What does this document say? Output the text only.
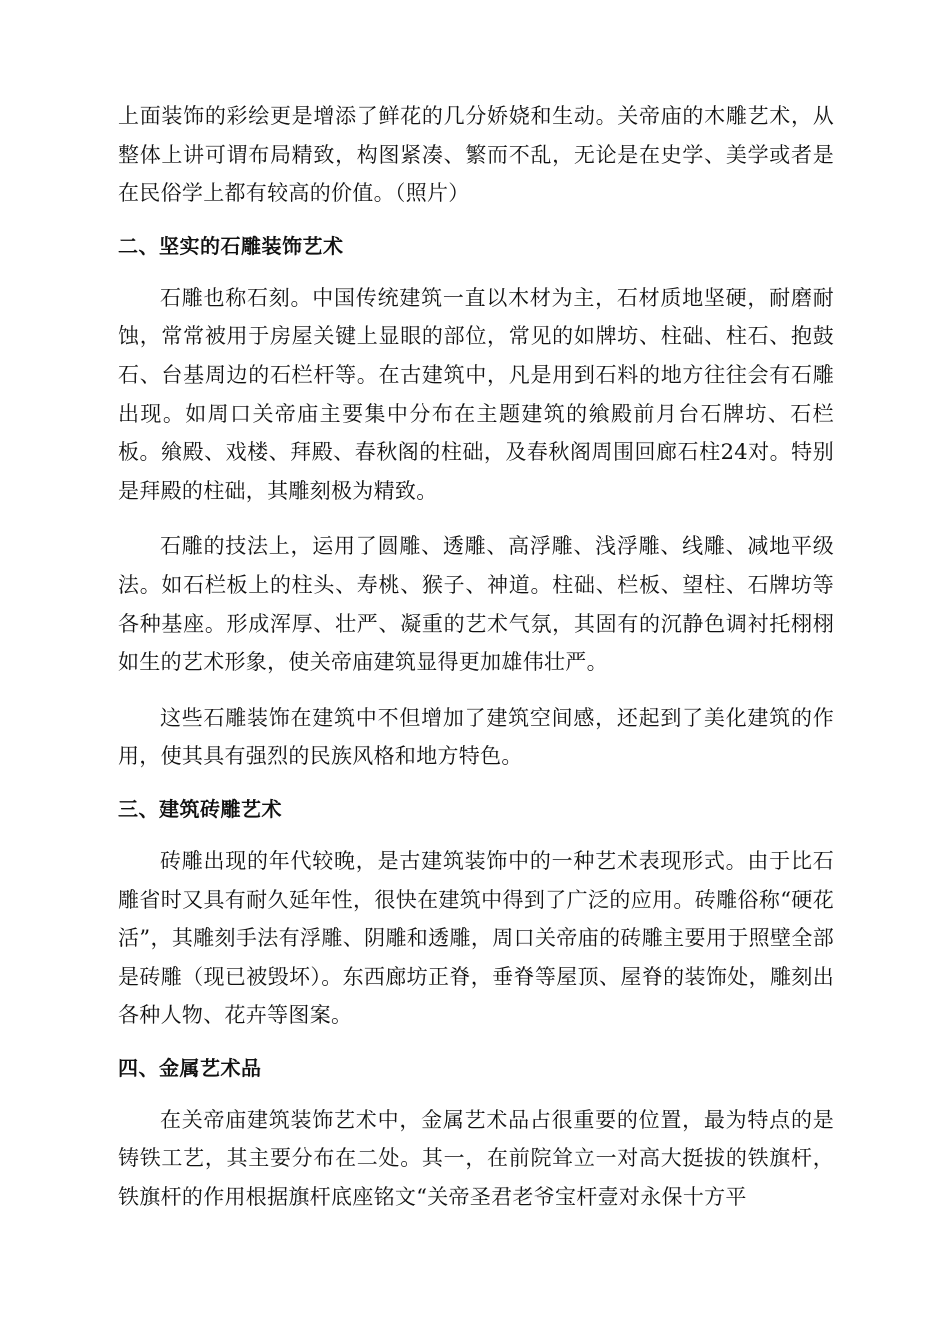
上面装饰的彩绘更是增添了鲜花的几分娇娆和生动。关帝庙的木雕艺术，从整体上讲可谓布局精致，构图紧凑、繁而不乱，无论是在史学、美学或者是在民俗学上都有较高的价值。（照片）

二、坚实的石雕装饰艺术

石雕也称石刻。中国传统建筑一直以木材为主，石材质地坚硬，耐磨耐蚀，常常被用于房屋关键上显眼的部位，常见的如牌坊、柱础、柱石、抱鼓石、台基周边的石栏杆等。在古建筑中，凡是用到石料的地方往往会有石雕出现。如周口关帝庙主要集中分布在主题建筑的飨殿前月台石牌坊、石栏板。飨殿、戏楼、拜殿、春秋阁的柱础，及春秋阁周围回廊石柱24对。特别是拜殿的柱础，其雕刻极为精致。

石雕的技法上，运用了圆雕、透雕、高浮雕、浅浮雕、线雕、减地平级法。如石栏板上的柱头、寿桃、猴子、神道。柱础、栏板、望柱、石牌坊等各种基座。形成浑厚、壮严、凝重的艺术气氛，其固有的沉静色调衬托栩栩如生的艺术形象，使关帝庙建筑显得更加雄伟壮严。

这些石雕装饰在建筑中不但增加了建筑空间感，还起到了美化建筑的作用，使其具有强烈的民族风格和地方特色。

三、建筑砖雕艺术

砖雕出现的年代较晚，是古建筑装饰中的一种艺术表现形式。由于比石雕省时又具有耐久延年性，很快在建筑中得到了广泛的应用。砖雕俗称“硬花活”，其雕刻手法有浮雕、阴雕和透雕，周口关帝庙的砖雕主要用于照壁全部是砖雕（现已被毁坏）。东西廊坊正脊，垂脊等屋顶、屋脊的装饰处，雕刻出各种人物、花卉等图案。

四、金属艺术品

在关帝庙建筑装饰艺术中，金属艺术品占很重要的位置，最为特点的是铸铁工艺，其主要分布在二处。其一，在前院耸立一对高大挺拔的铁旗杆，铁旗杆的作用根据旗杆底座铭文“关帝圣君老爷宝杆壹对永保十方平
